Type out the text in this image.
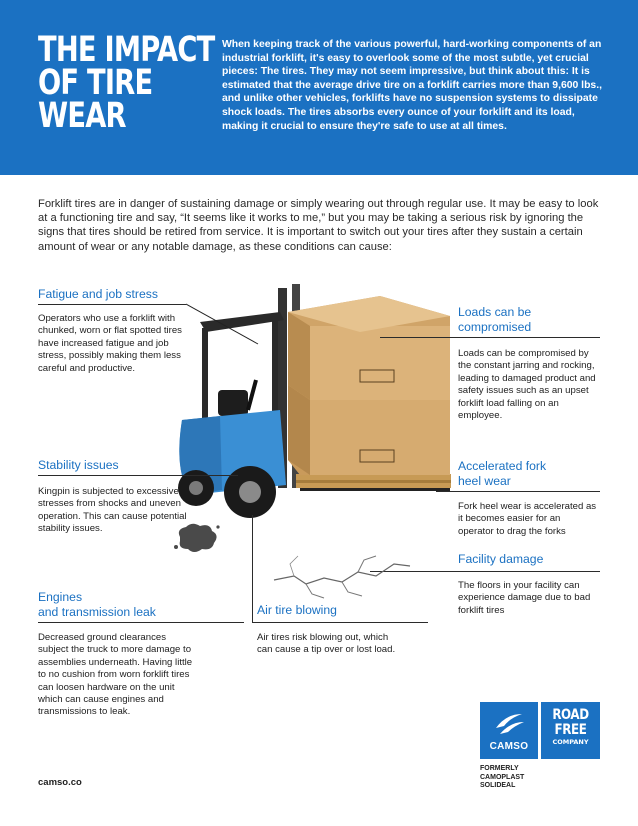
THE IMPACT
OF TIRE
WEAR
When keeping track of the various powerful, hard-working components of an industrial forklift, it's easy to overlook some of the most subtle, yet crucial pieces: The tires. They may not seem impressive, but think about this: It is estimated that the average drive tire on a forklift carries more than 9,600 lbs., and unlike other vehicles, forklifts have no suspension systems to dissipate shock loads. The tires absorbs every ounce of your forklift and its load, making it crucial to ensure they're safe to use at all times.
Forklift tires are in danger of sustaining damage or simply wearing out through regular use. It may be easy to look at a functioning tire and say, “It seems like it works to me,” but you may be taking a serious risk by ignoring the signs that tires should be retired from service. It is important to switch out your tires after they sustain a certain amount of wear or any notable damage, as these conditions can cause:
Fatigue and job stress
Operators who use a forklift with chunked, worn or flat spotted tires have increased fatigue and job stress, possibly making them less careful and productive.
Stability issues
Kingpin is subjected to excessive stresses from shocks and uneven operation. This can cause potential stability issues.
Engines
and transmission leak
Decreased ground clearances subject the truck to more damage to assemblies underneath. Having little to no cushion from worn forklift tires can loosen hardware on the unit which can cause engines and transmissions to leak.
Air tire blowing
Air tires risk blowing out, which can cause a tip over or lost load.
Loads can be
compromised
Loads can be compromised by the constant jarring and rocking, leading to damaged product and safety issues such as an upset forklift load falling on an employee.
Accelerated fork
heel wear
Fork heel wear is accelerated as it becomes easier for an operator to drag the forks
Facility damage
The floors in your facility can experience damage due to bad forklift tires
camso.co
CAMSO
ROAD
FREE
COMPANY
FORMERLY
CAMOPLAST
SOLIDEAL
